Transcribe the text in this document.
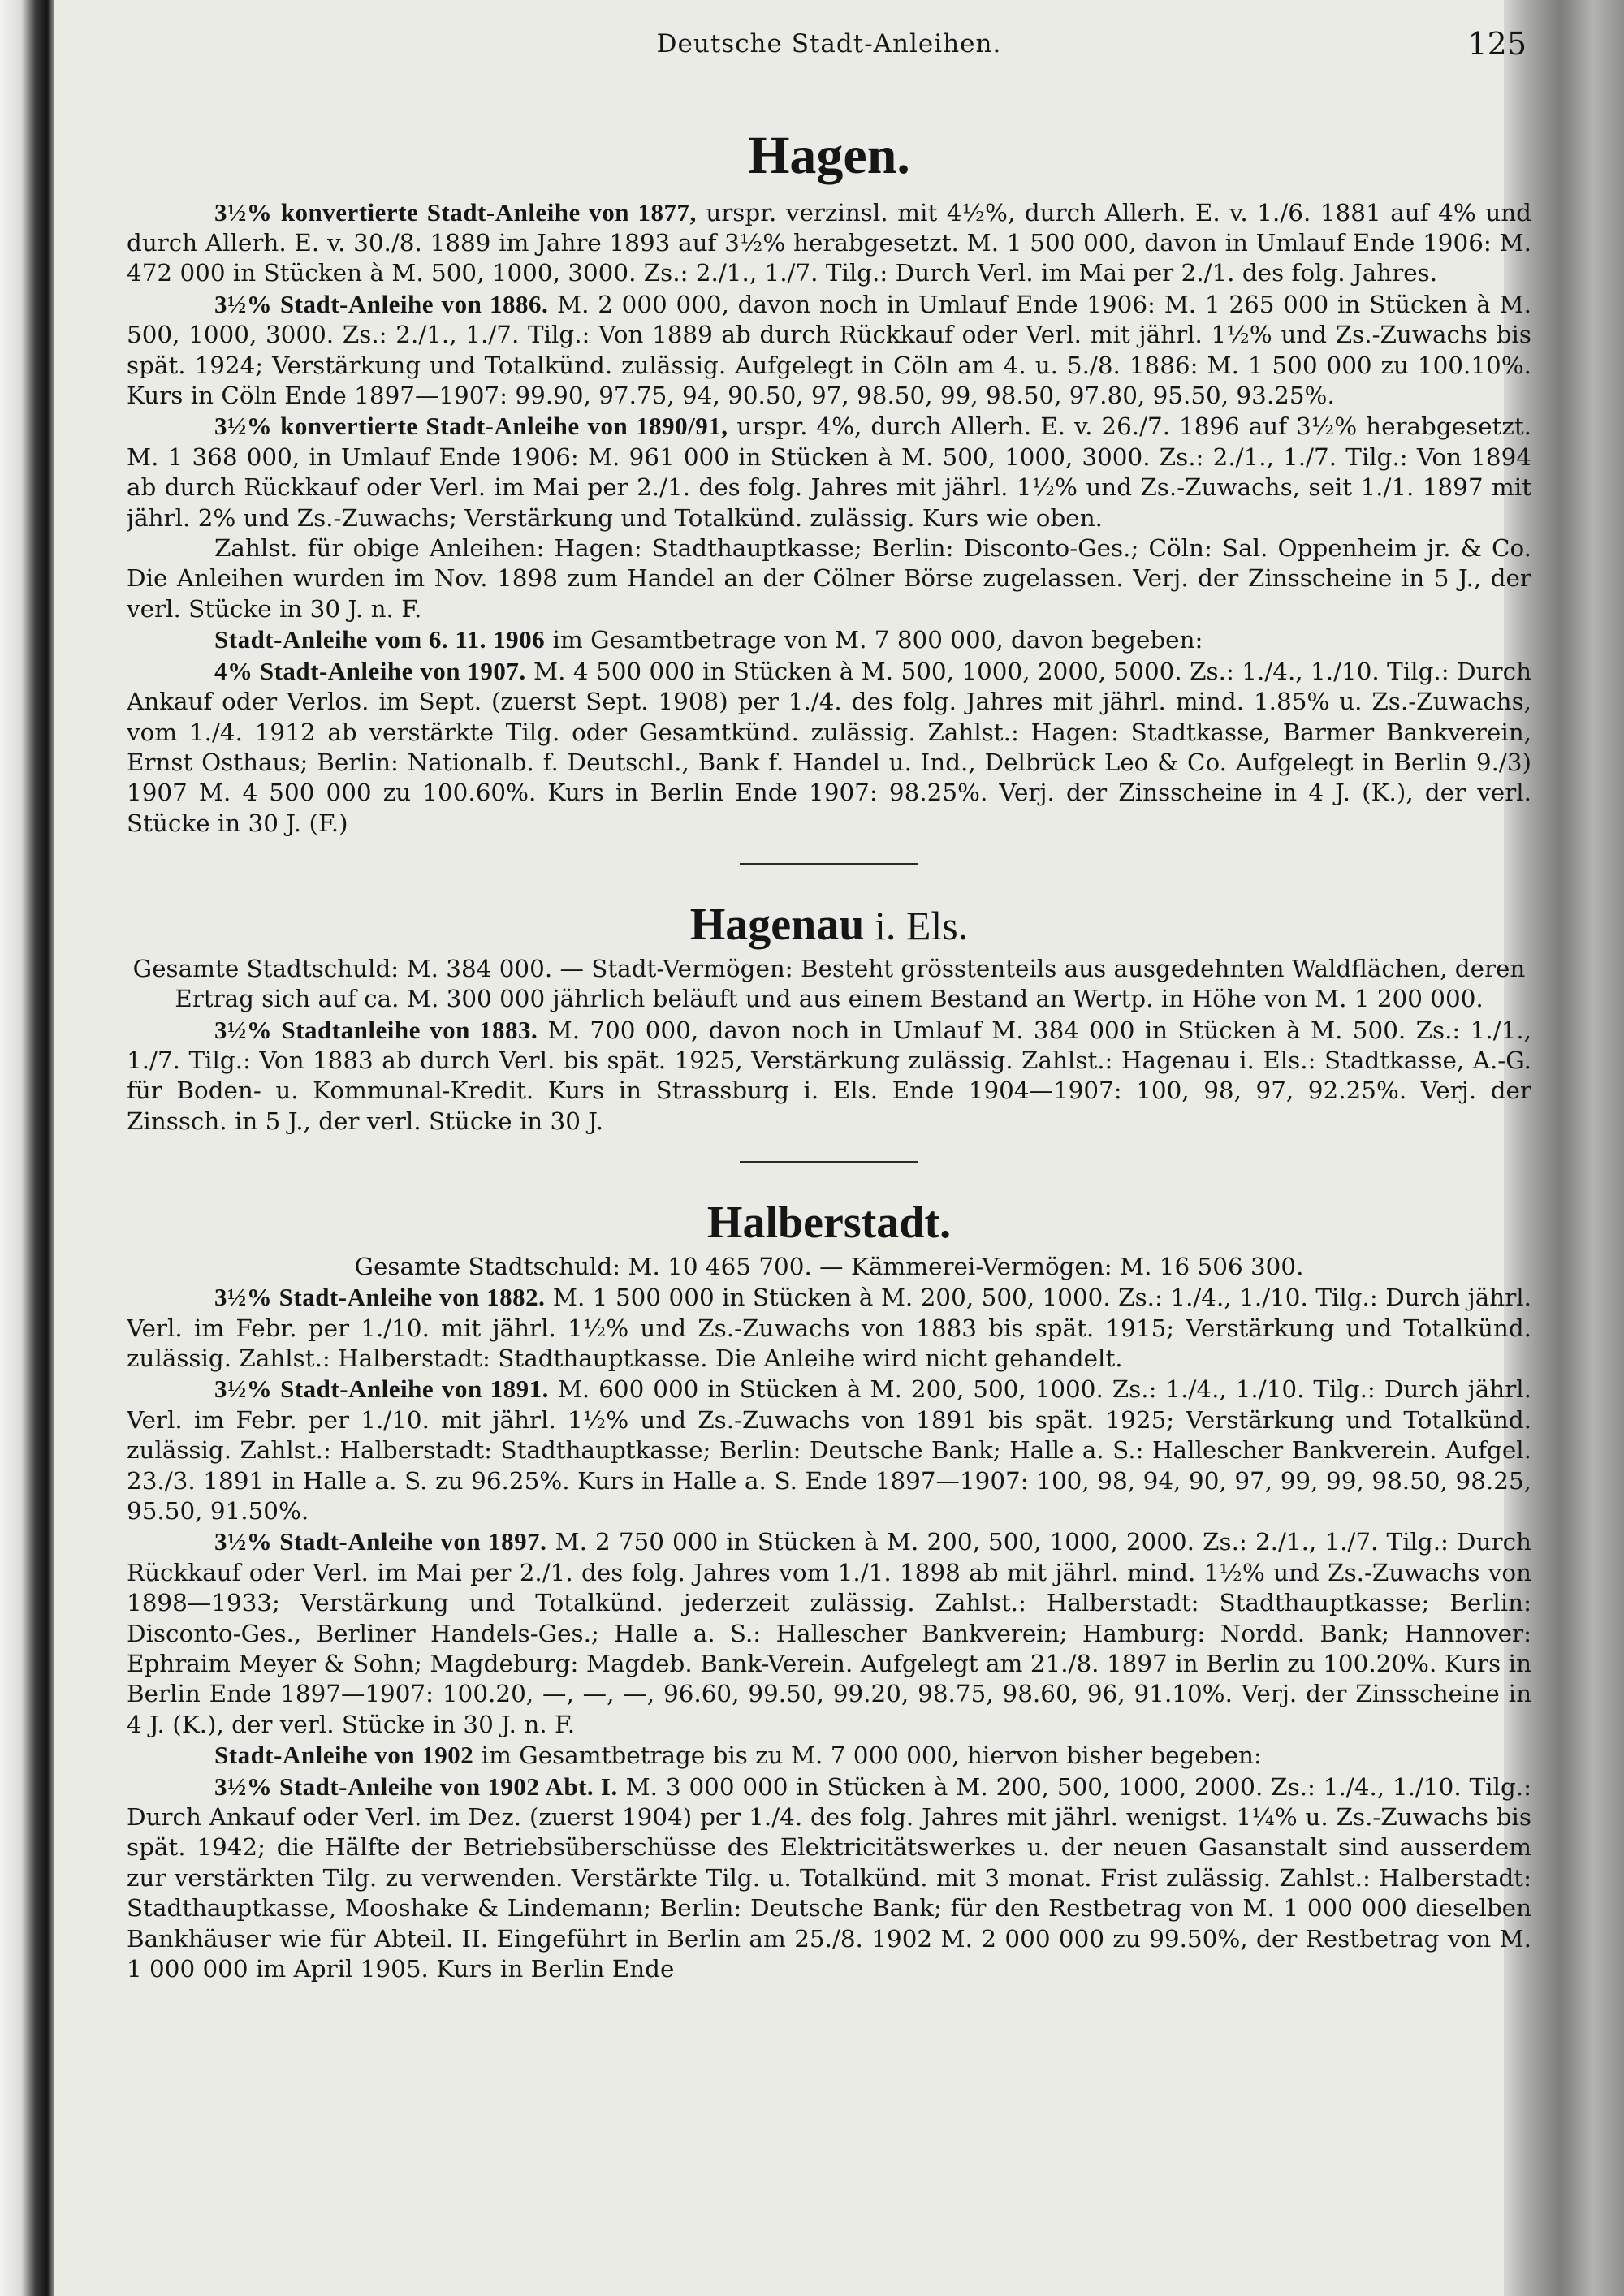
Deutsche Stadt-Anleihen.	125
Hagen.

3½% konvertierte Stadt-Anleihe von 1877, urspr. verzinsl. mit 4½%, durch Allerh. E. v. 1./6. 1881 auf 4% und durch Allerh. E. v. 30./8. 1889 im Jahre 1893 auf 3½% herabgesetzt. M. 1 500 000, davon in Umlauf Ende 1906: M. 472 000 in Stücken à M. 500, 1000, 3000. Zs.: 2./1., 1./7. Tilg.: Durch Verl. im Mai per 2./1. des folg. Jahres.

3½% Stadt-Anleihe von 1886. M. 2 000 000, davon noch in Umlauf Ende 1906: M. 1 265 000 in Stücken à M. 500, 1000, 3000. Zs.: 2./1., 1./7. Tilg.: Von 1889 ab durch Rückkauf oder Verl. mit jährl. 1½% und Zs.-Zuwachs bis spät. 1924; Verstärkung und Totalkünd. zulässig. Aufgelegt in Cöln am 4. u. 5./8. 1886: M. 1 500 000 zu 100.10%. Kurs in Cöln Ende 1897—1907: 99.90, 97.75, 94, 90.50, 97, 98.50, 99, 98.50, 97.80, 95.50, 93.25%.

3½% konvertierte Stadt-Anleihe von 1890/91, urspr. 4%, durch Allerh. E. v. 26./7. 1896 auf 3½% herabgesetzt. M. 1 368 000, in Umlauf Ende 1906: M. 961 000 in Stücken à M. 500, 1000, 3000. Zs.: 2./1., 1./7. Tilg.: Von 1894 ab durch Rückkauf oder Verl. im Mai per 2./1. des folg. Jahres mit jährl. 1½% und Zs.-Zuwachs, seit 1./1. 1897 mit jährl. 2% und Zs.-Zuwachs; Verstärkung und Totalkünd. zulässig. Kurs wie oben.

Zahlst. für obige Anleihen: Hagen: Stadthauptkasse; Berlin: Disconto-Ges.; Cöln: Sal. Oppenheim jr. & Co. Die Anleihen wurden im Nov. 1898 zum Handel an der Cölner Börse zugelassen. Verj. der Zinsscheine in 5 J., der verl. Stücke in 30 J. n. F.

Stadt-Anleihe vom 6. 11. 1906 im Gesamtbetrage von M. 7 800 000, davon begeben:

4% Stadt-Anleihe von 1907. M. 4 500 000 in Stücken à M. 500, 1000, 2000, 5000. Zs.: 1./4., 1./10. Tilg.: Durch Ankauf oder Verlos. im Sept. (zuerst Sept. 1908) per 1./4. des folg. Jahres mit jährl. mind. 1.85% u. Zs.-Zuwachs, vom 1./4. 1912 ab verstärkte Tilg. oder Gesamtkünd. zulässig. Zahlst.: Hagen: Stadtkasse, Barmer Bankverein, Ernst Osthaus; Berlin: Nationalb. f. Deutschl., Bank f. Handel u. Ind., Delbrück Leo & Co. Aufgelegt in Berlin 9./3) 1907 M. 4 500 000 zu 100.60%. Kurs in Berlin Ende 1907: 98.25%. Verj. der Zinsscheine in 4 J. (K.), der verl. Stücke in 30 J. (F.)

Hagenau i. Els.

Gesamte Stadtschuld: M. 384 000. — Stadt-Vermögen: Besteht grösstenteils aus ausgedehnten Waldflächen, deren Ertrag sich auf ca. M. 300 000 jährlich beläuft und aus einem Bestand an Wertp. in Höhe von M. 1 200 000.

3½% Stadtanleihe von 1883. M. 700 000, davon noch in Umlauf M. 384 000 in Stücken à M. 500. Zs.: 1./1., 1./7. Tilg.: Von 1883 ab durch Verl. bis spät. 1925, Verstärkung zulässig. Zahlst.: Hagenau i. Els.: Stadtkasse, A.-G. für Boden- u. Kommunal-Kredit. Kurs in Strassburg i. Els. Ende 1904—1907: 100, 98, 97, 92.25%. Verj. der Zinssch. in 5 J., der verl. Stücke in 30 J.

Halberstadt.

Gesamte Stadtschuld: M. 10 465 700. — Kämmerei-Vermögen: M. 16 506 300.

3½% Stadt-Anleihe von 1882. M. 1 500 000 in Stücken à M. 200, 500, 1000. Zs.: 1./4., 1./10. Tilg.: Durch jährl. Verl. im Febr. per 1./10. mit jährl. 1½% und Zs.-Zuwachs von 1883 bis spät. 1915; Verstärkung und Totalkünd. zulässig. Zahlst.: Halberstadt: Stadthauptkasse. Die Anleihe wird nicht gehandelt.

3½% Stadt-Anleihe von 1891. M. 600 000 in Stücken à M. 200, 500, 1000. Zs.: 1./4., 1./10. Tilg.: Durch jährl. Verl. im Febr. per 1./10. mit jährl. 1½% und Zs.-Zuwachs von 1891 bis spät. 1925; Verstärkung und Totalkünd. zulässig. Zahlst.: Halberstadt: Stadthauptkasse; Berlin: Deutsche Bank; Halle a. S.: Hallescher Bankverein. Aufgel. 23./3. 1891 in Halle a. S. zu 96.25%. Kurs in Halle a. S. Ende 1897—1907: 100, 98, 94, 90, 97, 99, 99, 98.50, 98.25, 95.50, 91.50%.

3½% Stadt-Anleihe von 1897. M. 2 750 000 in Stücken à M. 200, 500, 1000, 2000. Zs.: 2./1., 1./7. Tilg.: Durch Rückkauf oder Verl. im Mai per 2./1. des folg. Jahres vom 1./1. 1898 ab mit jährl. mind. 1½% und Zs.-Zuwachs von 1898—1933; Verstärkung und Totalkünd. jederzeit zulässig. Zahlst.: Halberstadt: Stadthauptkasse; Berlin: Disconto-Ges., Berliner Handels-Ges.; Halle a. S.: Hallescher Bankverein; Hamburg: Nordd. Bank; Hannover: Ephraim Meyer & Sohn; Magdeburg: Magdeb. Bank-Verein. Aufgelegt am 21./8. 1897 in Berlin zu 100.20%. Kurs in Berlin Ende 1897—1907: 100.20, —, —, —, 96.60, 99.50, 99.20, 98.75, 98.60, 96, 91.10%. Verj. der Zinsscheine in 4 J. (K.), der verl. Stücke in 30 J. n. F.

Stadt-Anleihe von 1902 im Gesamtbetrage bis zu M. 7 000 000, hiervon bisher begeben:

3½% Stadt-Anleihe von 1902 Abt. I. M. 3 000 000 in Stücken à M. 200, 500, 1000, 2000. Zs.: 1./4., 1./10. Tilg.: Durch Ankauf oder Verl. im Dez. (zuerst 1904) per 1./4. des folg. Jahres mit jährl. wenigst. 1¼% u. Zs.-Zuwachs bis spät. 1942; die Hälfte der Betriebsüberschüsse des Elektricitätswerkes u. der neuen Gasanstalt sind ausserdem zur verstärkten Tilg. zu verwenden. Verstärkte Tilg. u. Totalkünd. mit 3 monat. Frist zulässig. Zahlst.: Halberstadt: Stadthauptkasse, Mooshake & Lindemann; Berlin: Deutsche Bank; für den Restbetrag von M. 1 000 000 dieselben Bankhäuser wie für Abteil. II. Eingeführt in Berlin am 25./8. 1902 M. 2 000 000 zu 99.50%, der Restbetrag von M. 1 000 000 im April 1905. Kurs in Berlin Ende
